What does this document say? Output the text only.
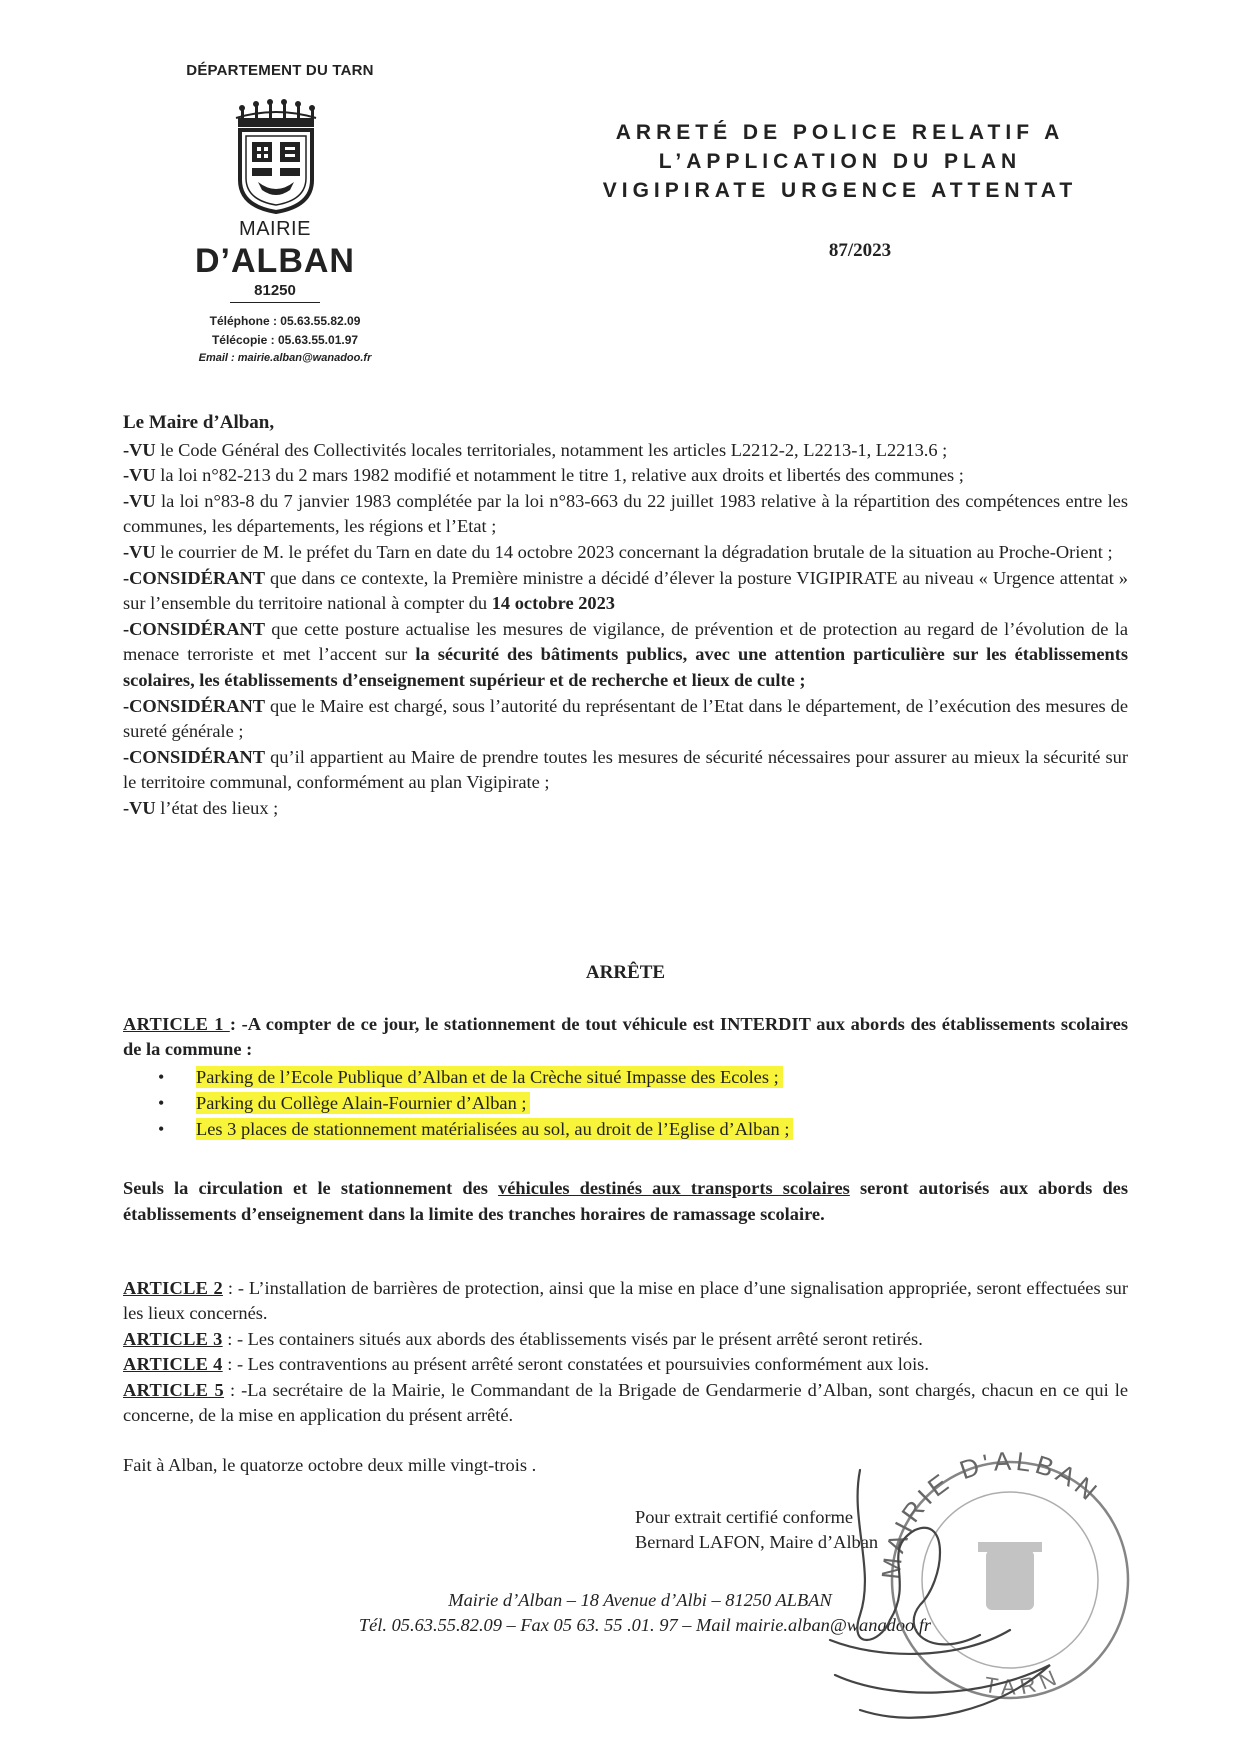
DÉPARTEMENT DU TARN
MAIRIE
D’ALBAN
81250
Téléphone : 05.63.55.82.09
Télécopie : 05.63.55.01.97
Email : mairie.alban@wanadoo.fr
ARRETÉ DE POLICE RELATIF A
L’APPLICATION DU PLAN
VIGIPIRATE URGENCE ATTENTAT
87/2023

Le Maire d’Alban,

-VU le Code Général des Collectivités locales territoriales, notamment les articles L2212-2, L2213-1, L2213.6 ;

-VU la loi n°82-213 du 2 mars 1982 modifié et notamment le titre 1, relative aux droits et libertés des communes ;

-VU la loi n°83-8 du 7 janvier 1983 complétée par la loi n°83-663 du 22 juillet 1983 relative à la répartition des compétences entre les communes, les départements, les régions et l’Etat ;

-VU le courrier de M. le préfet du Tarn en date du 14 octobre 2023 concernant la dégradation brutale de la situation au Proche-Orient ;

-CONSIDÉRANT que dans ce contexte, la Première ministre a décidé d’élever la posture VIGIPIRATE au niveau « Urgence attentat » sur l’ensemble du territoire national à compter du 14 octobre 2023

-CONSIDÉRANT que cette posture actualise les mesures de vigilance, de prévention et de protection au regard de l’évolution de la menace terroriste et met l’accent sur la sécurité des bâtiments publics, avec une attention particulière sur les établissements scolaires, les établissements d’enseignement supérieur et de recherche et lieux de culte ;

-CONSIDÉRANT que le Maire est chargé, sous l’autorité du représentant de l’Etat dans le département, de l’exécution des mesures de sureté générale ;

-CONSIDÉRANT qu’il appartient au Maire de prendre toutes les mesures de sécurité nécessaires pour assurer au mieux la sécurité sur le territoire communal, conformément au plan Vigipirate ;

-VU l’état des lieux ;

ARRÊTE
ARTICLE 1 : -A compter de ce jour, le stationnement de tout véhicule est INTERDIT aux abords des établissements scolaires de la commune :
• Parking de l’Ecole Publique d’Alban et de la Crèche situé Impasse des Ecoles ;
• Parking du Collège Alain-Fournier d’Alban ;
• Les 3 places de stationnement matérialisées au sol, au droit de l’Eglise d’Alban ;
Seuls la circulation et le stationnement des véhicules destinés aux transports scolaires seront autorisés aux abords des établissements d’enseignement dans la limite des tranches horaires de ramassage scolaire.

ARTICLE 2 : - L’installation de barrières de protection, ainsi que la mise en place d’une signalisation appropriée, seront effectuées sur les lieux concernés.

ARTICLE 3 : - Les containers situés aux abords des établissements visés par le présent arrêté seront retirés.

ARTICLE 4 : - Les contraventions au présent arrêté seront constatées et poursuivies conformément aux lois.

ARTICLE 5 : -La secrétaire de la Mairie, le Commandant de la Brigade de Gendarmerie d’Alban, sont chargés, chacun en ce qui le concerne, de la mise en application du présent arrêté.

Fait à Alban, le quatorze octobre deux mille vingt-trois .
Pour extrait certifié conforme
Bernard LAFON, Maire d’Alban
Mairie d’Alban – 18 Avenue d’Albi – 81250 ALBAN
Tél. 05.63.55.82.09 – Fax 05 63. 55 .01. 97 – Mail mairie.alban@wanadoo.fr
MAIRIE D'ALBAN
TARN
